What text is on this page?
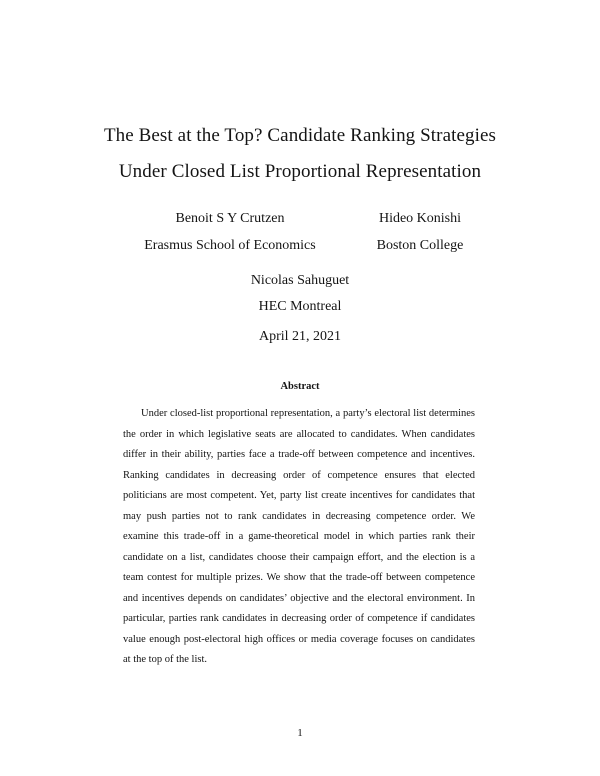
The Best at the Top? Candidate Ranking Strategies
Under Closed List Proportional Representation
Benoit S Y Crutzen
Erasmus School of Economics
Hideo Konishi
Boston College
Nicolas Sahuguet
HEC Montreal
April 21, 2021
Abstract
Under closed-list proportional representation, a party’s electoral list determines the order in which legislative seats are allocated to candidates. When candidates differ in their ability, parties face a trade-off between competence and incentives. Ranking candidates in decreasing order of competence ensures that elected politicians are most competent. Yet, party list create incentives for candidates that may push parties not to rank candidates in decreasing competence order. We examine this trade-off in a game-theoretical model in which parties rank their candidate on a list, candidates choose their campaign effort, and the election is a team contest for multiple prizes. We show that the trade-off between competence and incentives depends on candidates’ objective and the electoral environment. In particular, parties rank candidates in decreasing order of competence if candidates value enough post-electoral high offices or media coverage focuses on candidates at the top of the list.
1
